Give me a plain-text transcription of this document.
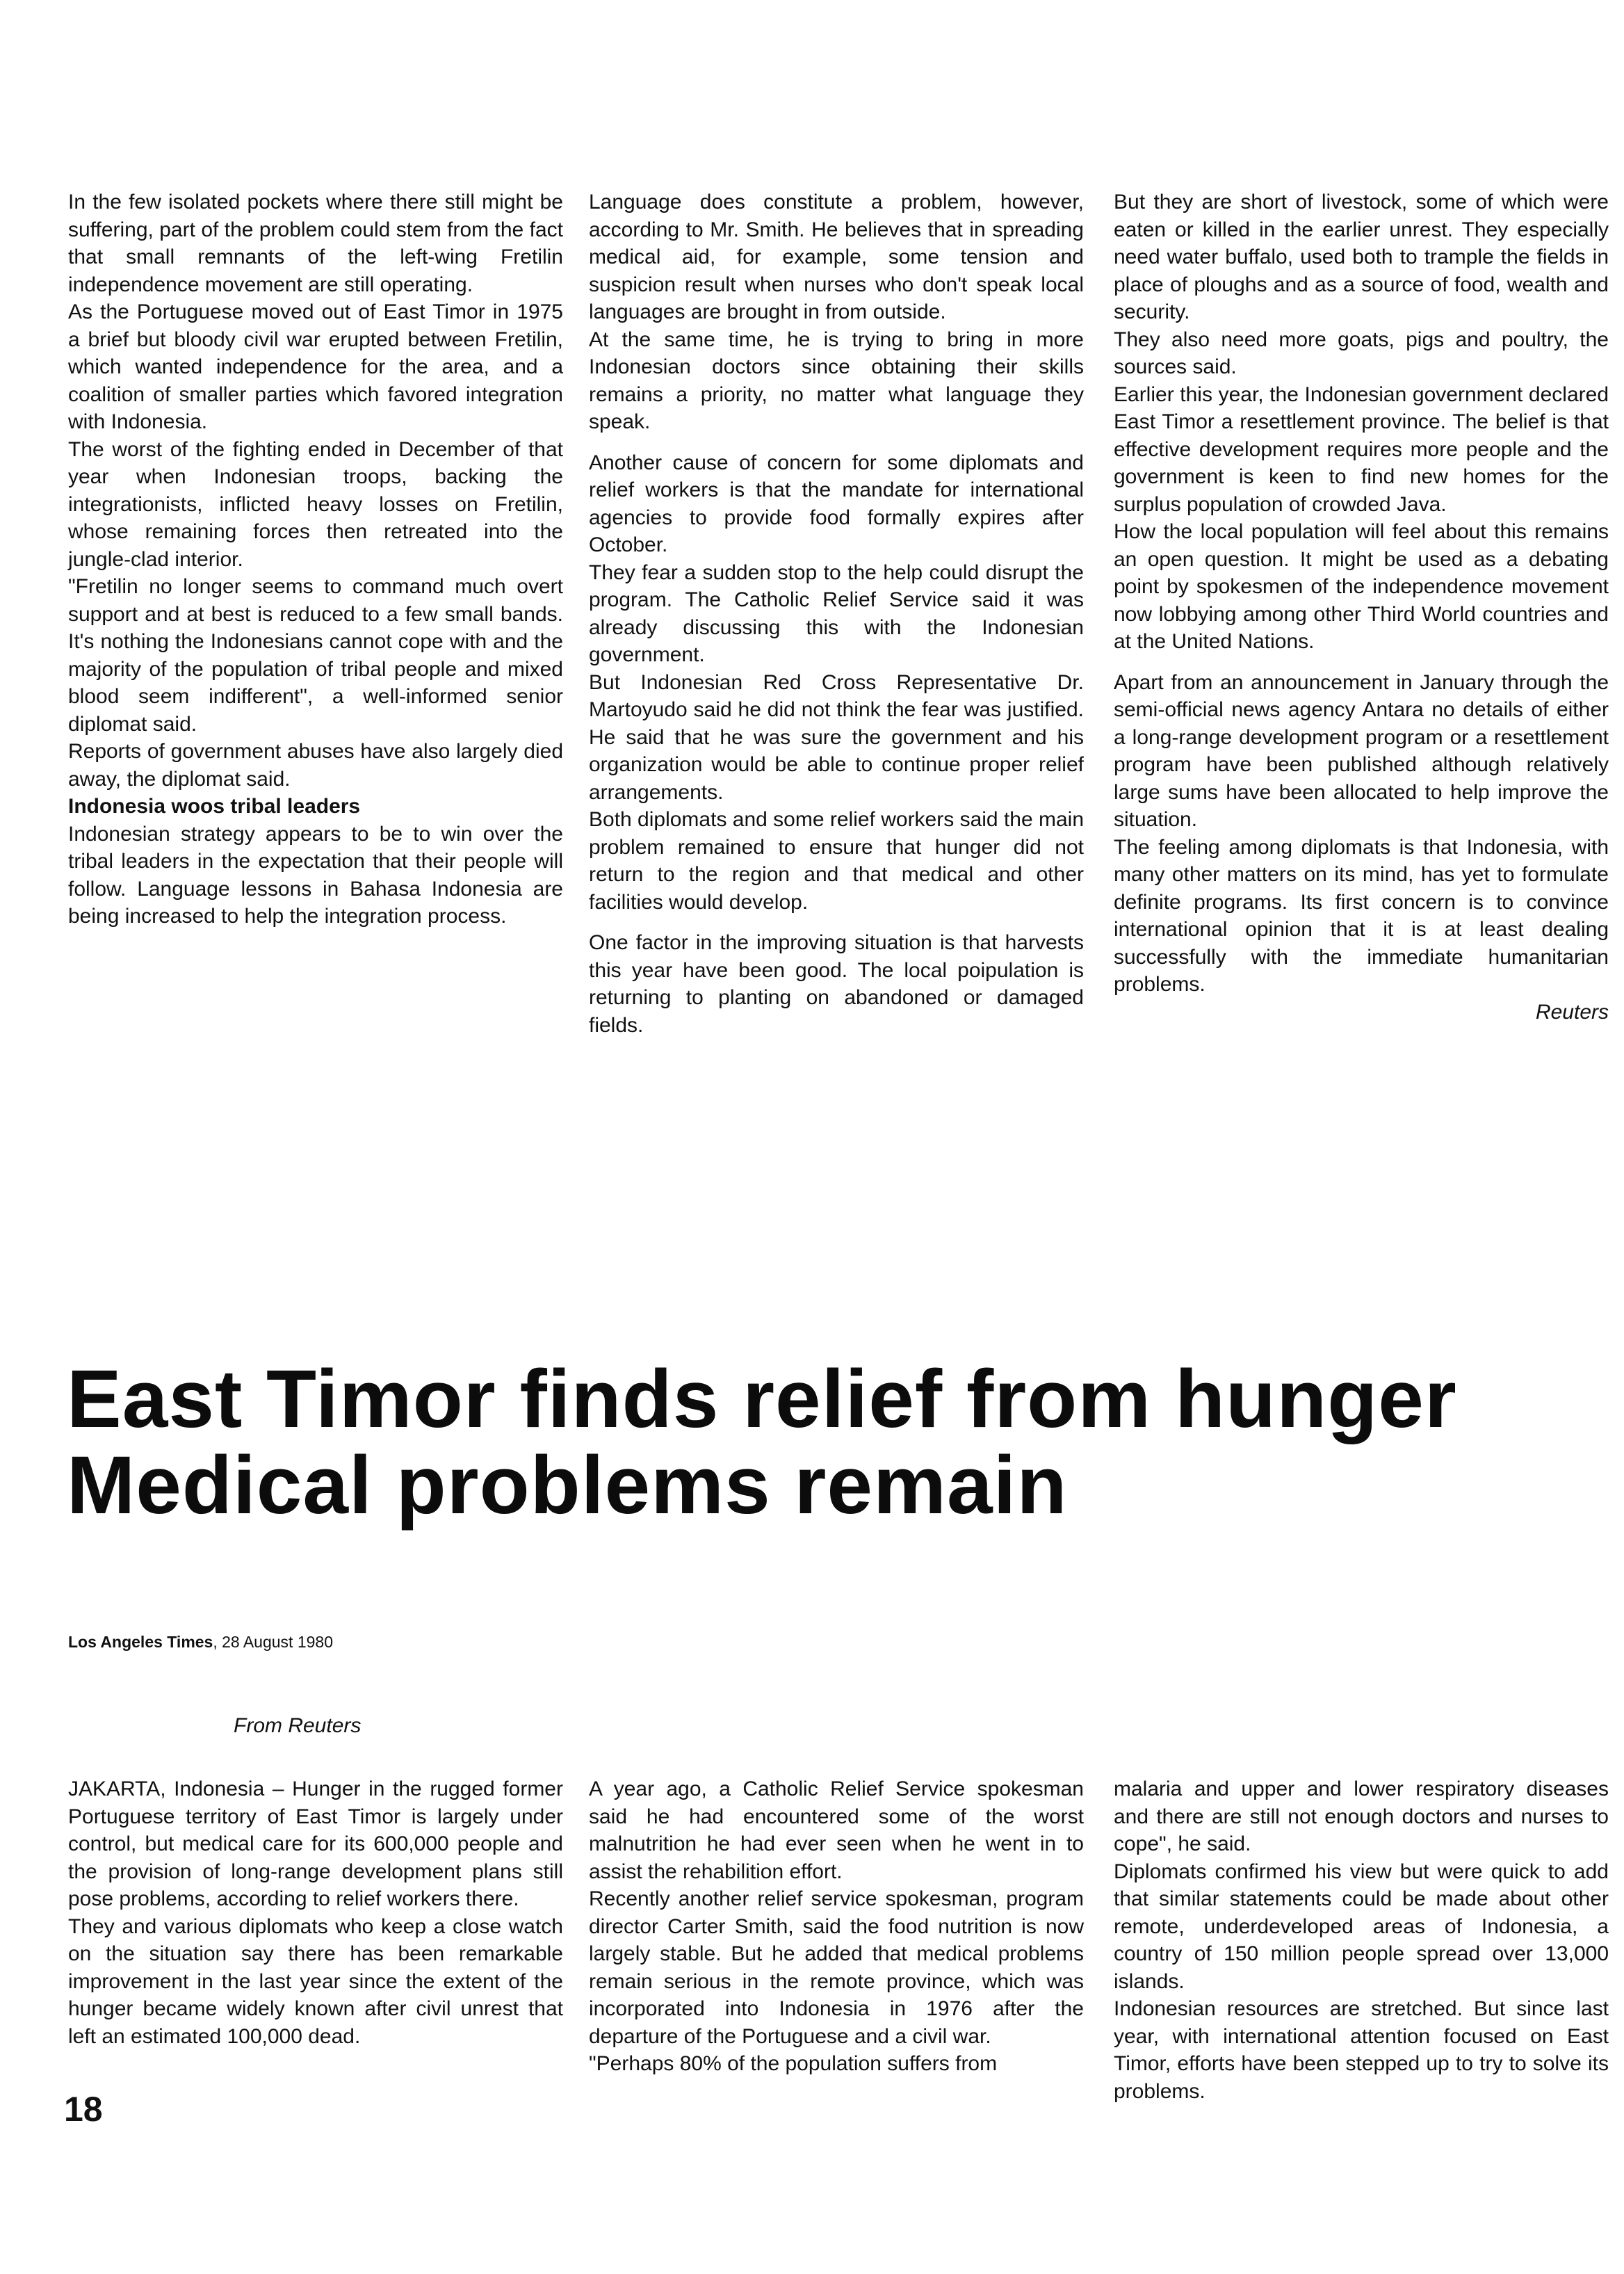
In the few isolated pockets where there still might be suffering, part of the problem could stem from the fact that small remnants of the left-wing Fretilin independence movement are still operating.

As the Portuguese moved out of East Timor in 1975 a brief but bloody civil war erupted between Fretilin, which wanted independence for the area, and a coalition of smaller parties which favored integration with Indonesia.

The worst of the fighting ended in December of that year when Indonesian troops, backing the integrationists, inflicted heavy losses on Fretilin, whose remaining forces then retreated into the jungle-clad interior.

"Fretilin no longer seems to command much overt support and at best is reduced to a few small bands. It's nothing the Indonesians cannot cope with and the majority of the population of tribal people and mixed blood seem indifferent", a well-informed senior diplomat said.

Reports of government abuses have also largely died away, the diplomat said.

Indonesia woos tribal leaders

Indonesian strategy appears to be to win over the tribal leaders in the expectation that their people will follow. Language lessons in Bahasa Indonesia are being increased to help the integration process.

Language does constitute a problem, however, according to Mr. Smith. He believes that in spreading medical aid, for example, some tension and suspicion result when nurses who don't speak local languages are brought in from outside.

At the same time, he is trying to bring in more Indonesian doctors since obtaining their skills remains a priority, no matter what language they speak.

Another cause of concern for some diplomats and relief workers is that the mandate for international agencies to provide food formally expires after October.

They fear a sudden stop to the help could disrupt the program. The Catholic Relief Service said it was already discussing this with the Indonesian government.

But Indonesian Red Cross Representative Dr. Martoyudo said he did not think the fear was justified. He said that he was sure the government and his organization would be able to continue proper relief arrangements.

Both diplomats and some relief workers said the main problem remained to ensure that hunger did not return to the region and that medical and other facilities would develop.

One factor in the improving situation is that harvests this year have been good. The local poipulation is returning to planting on abandoned or damaged fields.

But they are short of livestock, some of which were eaten or killed in the earlier unrest. They especially need water buffalo, used both to trample the fields in place of ploughs and as a source of food, wealth and security.

They also need more goats, pigs and poultry, the sources said.

Earlier this year, the Indonesian government declared East Timor a resettlement province. The belief is that effective development requires more people and the government is keen to find new homes for the surplus population of crowded Java.

How the local population will feel about this remains an open question. It might be used as a debating point by spokesmen of the independence movement now lobbying among other Third World countries and at the United Nations.

Apart from an announcement in January through the semi-official news agency Antara no details of either a long-range development program or a resettlement program have been published although relatively large sums have been allocated to help improve the situation.

The feeling among diplomats is that Indonesia, with many other matters on its mind, has yet to formulate definite programs. Its first concern is to convince international opinion that it is at least dealing successfully with the immediate humanitarian problems.

Reuters

East Timor finds relief from hunger
Medical problems remain
Los Angeles Times, 28 August 1980
From Reuters

JAKARTA, Indonesia – Hunger in the rugged former Portuguese territory of East Timor is largely under control, but medical care for its 600,000 people and the provision of long-range development plans still pose problems, according to relief workers there.

They and various diplomats who keep a close watch on the situation say there has been remarkable improvement in the last year since the extent of the hunger became widely known after civil unrest that left an estimated 100,000 dead.

A year ago, a Catholic Relief Service spokesman said he had encountered some of the worst malnutrition he had ever seen when he went in to assist the rehabilition effort.

Recently another relief service spokesman, program director Carter Smith, said the food nutrition is now largely stable. But he added that medical problems remain serious in the remote province, which was incorporated into Indonesia in 1976 after the departure of the Portuguese and a civil war.

"Perhaps 80% of the population suffers from

malaria and upper and lower respiratory diseases and there are still not enough doctors and nurses to cope", he said.

Diplomats confirmed his view but were quick to add that similar statements could be made about other remote, underdeveloped areas of Indonesia, a country of 150 million people spread over 13,000 islands.

Indonesian resources are stretched. But since last year, with international attention focused on East Timor, efforts have been stepped up to try to solve its problems.

18
